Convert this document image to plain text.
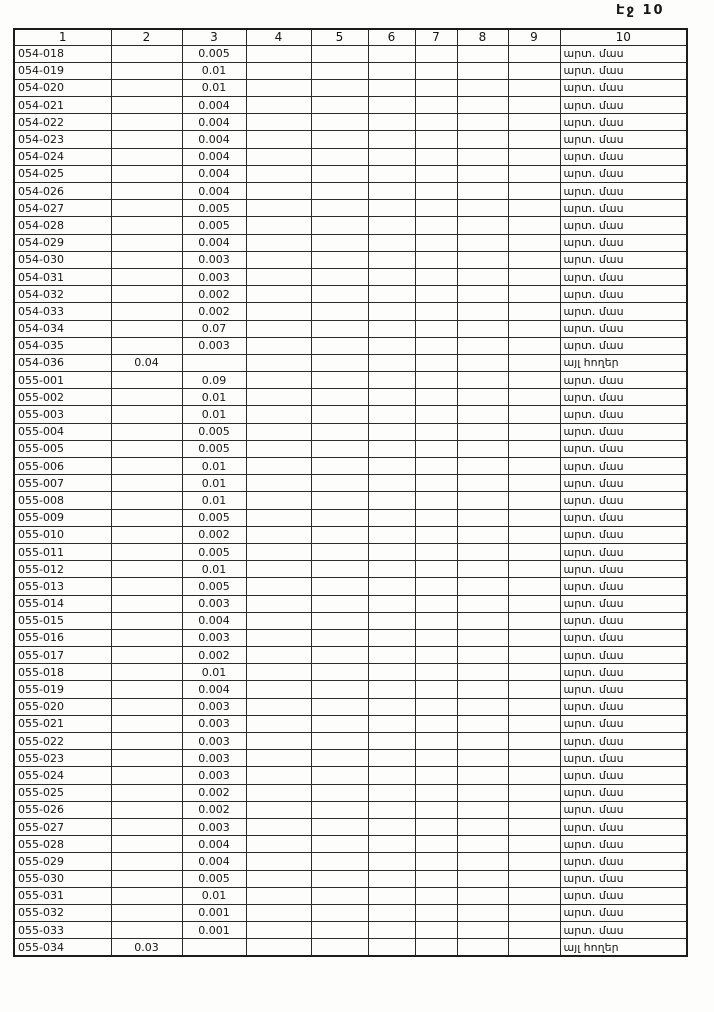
Էջ 10
1	2	3	4	5	6	7	8	9	10
054-018		0.005							արտ. մաս
054-019		0.01							արտ. մաս
054-020		0.01							արտ. մաս
054-021		0.004							արտ. մաս
054-022		0.004							արտ. մաս
054-023		0.004							արտ. մաս
054-024		0.004							արտ. մաս
054-025		0.004							արտ. մաս
054-026		0.004							արտ. մաս
054-027		0.005							արտ. մաս
054-028		0.005							արտ. մաս
054-029		0.004							արտ. մաս
054-030		0.003							արտ. մաս
054-031		0.003							արտ. մաս
054-032		0.002							արտ. մաս
054-033		0.002							արտ. մաս
054-034		0.07							արտ. մաս
054-035		0.003							արտ. մաս
054-036	0.04								այլ հողեր
055-001		0.09							արտ. մաս
055-002		0.01							արտ. մաս
055-003		0.01							արտ. մաս
055-004		0.005							արտ. մաս
055-005		0.005							արտ. մաս
055-006		0.01							արտ. մաս
055-007		0.01							արտ. մաս
055-008		0.01							արտ. մաս
055-009		0.005							արտ. մաս
055-010		0.002							արտ. մաս
055-011		0.005							արտ. մաս
055-012		0.01							արտ. մաս
055-013		0.005							արտ. մաս
055-014		0.003							արտ. մաս
055-015		0.004							արտ. մաս
055-016		0.003							արտ. մաս
055-017		0.002							արտ. մաս
055-018		0.01							արտ. մաս
055-019		0.004							արտ. մաս
055-020		0.003							արտ. մաս
055-021		0.003							արտ. մաս
055-022		0.003							արտ. մաս
055-023		0.003							արտ. մաս
055-024		0.003							արտ. մաս
055-025		0.002							արտ. մաս
055-026		0.002							արտ. մաս
055-027		0.003							արտ. մաս
055-028		0.004							արտ. մաս
055-029		0.004							արտ. մաս
055-030		0.005							արտ. մաս
055-031		0.01							արտ. մաս
055-032		0.001							արտ. մաս
055-033		0.001							արտ. մաս
055-034	0.03								այլ հողեր
